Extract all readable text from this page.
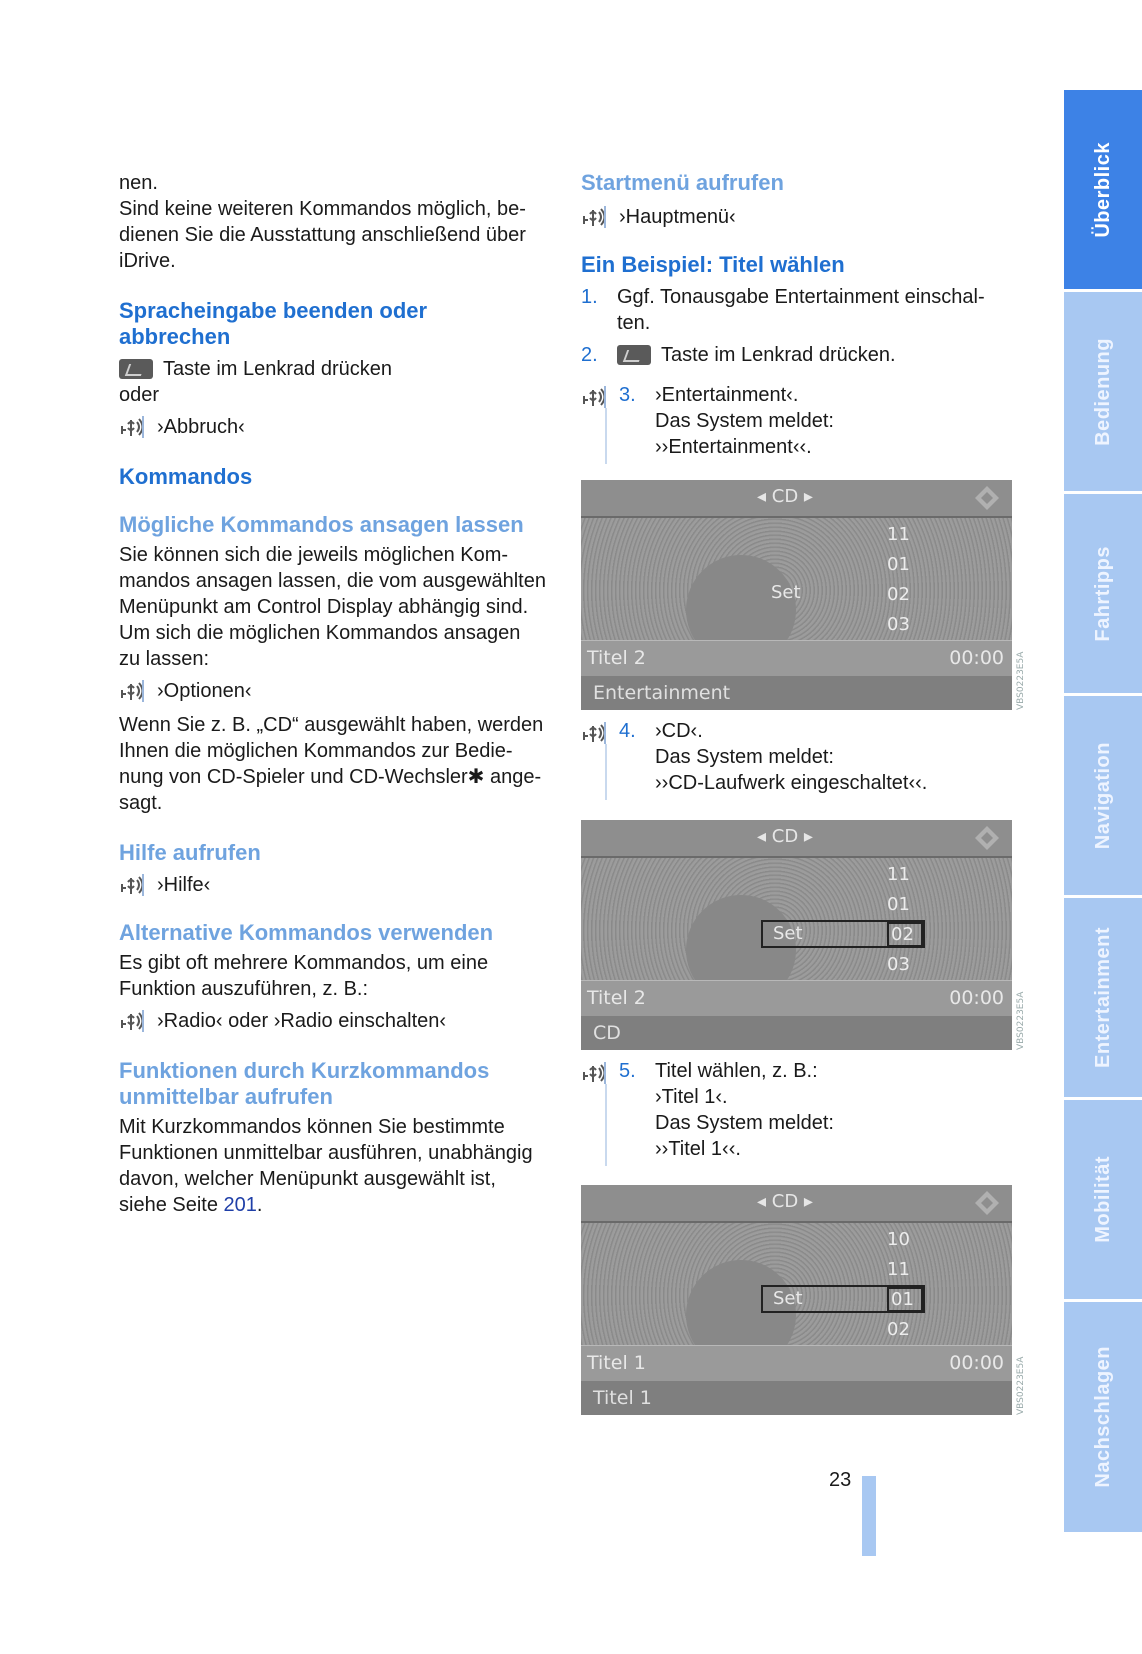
nen.

Sind keine weiteren Kommandos möglich, be-

dienen Sie die Ausstattung anschließend über

iDrive.

Spracheingabe beenden oder
abbrechen
Taste im Lenkrad drücken

oder

›Abbruch‹
Kommandos
Mögliche Kommandos ansagen lassen

Sie können sich die jeweils möglichen Kom-

mandos ansagen lassen, die vom ausgewählten

Menüpunkt am Control Display abhängig sind.

Um sich die möglichen Kommandos ansagen

zu lassen:

›Optionen‹

Wenn Sie z. B. „CD“ ausgewählt haben, werden

Ihnen die möglichen Kommandos zur Bedie-

nung von CD-Spieler und CD-Wechsler✱ ange-

sagt.

Hilfe aufrufen
›Hilfe‹
Alternative Kommandos verwenden

Es gibt oft mehrere Kommandos, um eine

Funktion auszuführen, z. B.:

›Radio‹ oder ›Radio einschalten‹
Funktionen durch Kurzkommandos
unmittelbar aufrufen

Mit Kurzkommandos können Sie bestimmte

Funktionen unmittelbar ausführen, unabhängig

davon, welcher Menüpunkt ausgewählt ist,

siehe Seite 201.

Startmenü aufrufen
›Hauptmenü‹
Ein Beispiel: Titel wählen
1. Ggf. Tonausgabe Entertainment einschal-

ten.

2.	Taste im Lenkrad drücken.
3. ›Entertainment‹.

Das System meldet:

››Entertainment‹‹.

◂ CD ▸
Set
11
01
02
03
Titel 2	00:00
Entertainment	VBS0223E5A
4. ›CD‹.

Das System meldet:

››CD-Laufwerk eingeschaltet‹‹.

◂ CD ▸
Set
11
01
02
03
Titel 2	00:00
CD	VBS0223E5A
5. Titel wählen, z. B.:

›Titel 1‹.

Das System meldet:

››Titel 1‹‹.

◂ CD ▸
Set
10
11
01
02
Titel 1	00:00
Titel 1	VBS0223E5A
Überblick
Bedienung
Fahrtipps
Navigation
Entertainment
Mobilität
Nachschlagen
23
